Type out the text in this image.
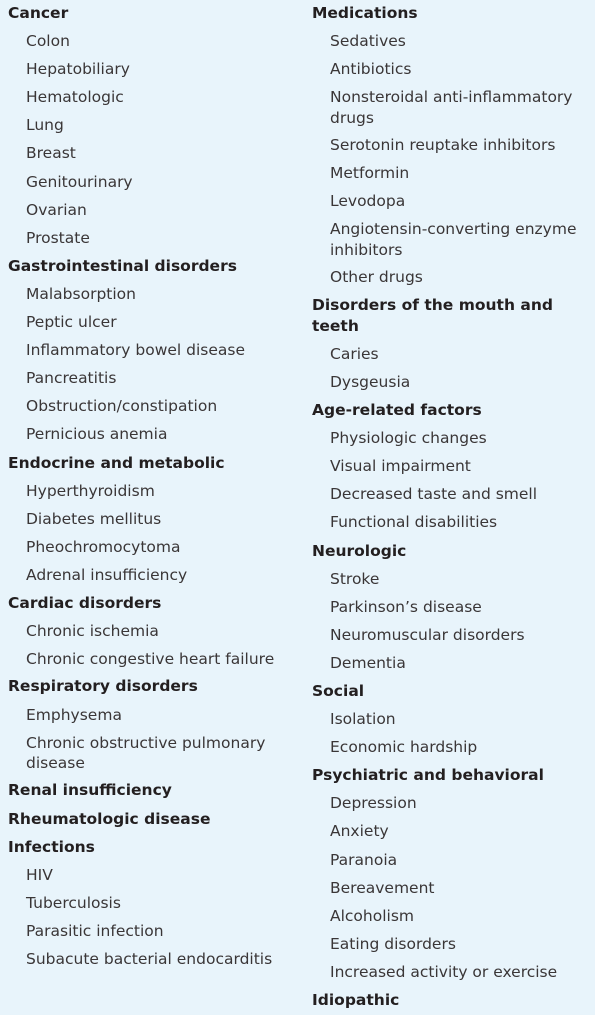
Cancer
Colon
Hepatobiliary
Hematologic
Lung
Breast
Genitourinary
Ovarian
Prostate
Gastrointestinal disorders
Malabsorption
Peptic ulcer
Inflammatory bowel disease
Pancreatitis
Obstruction/constipation
Pernicious anemia
Endocrine and metabolic
Hyperthyroidism
Diabetes mellitus
Pheochromocytoma
Adrenal insufficiency
Cardiac disorders
Chronic ischemia
Chronic congestive heart failure
Respiratory disorders
Emphysema
Chronic obstructive pulmonary disease
Renal insufficiency
Rheumatologic disease
Infections
HIV
Tuberculosis
Parasitic infection
Subacute bacterial endocarditis
Medications
Sedatives
Antibiotics
Nonsteroidal anti-inflammatory drugs
Serotonin reuptake inhibitors
Metformin
Levodopa
Angiotensin-converting enzyme inhibitors
Other drugs
Disorders of the mouth and teeth
Caries
Dysgeusia
Age-related factors
Physiologic changes
Visual impairment
Decreased taste and smell
Functional disabilities
Neurologic
Stroke
Parkinson’s disease
Neuromuscular disorders
Dementia
Social
Isolation
Economic hardship
Psychiatric and behavioral
Depression
Anxiety
Paranoia
Bereavement
Alcoholism
Eating disorders
Increased activity or exercise
Idiopathic
